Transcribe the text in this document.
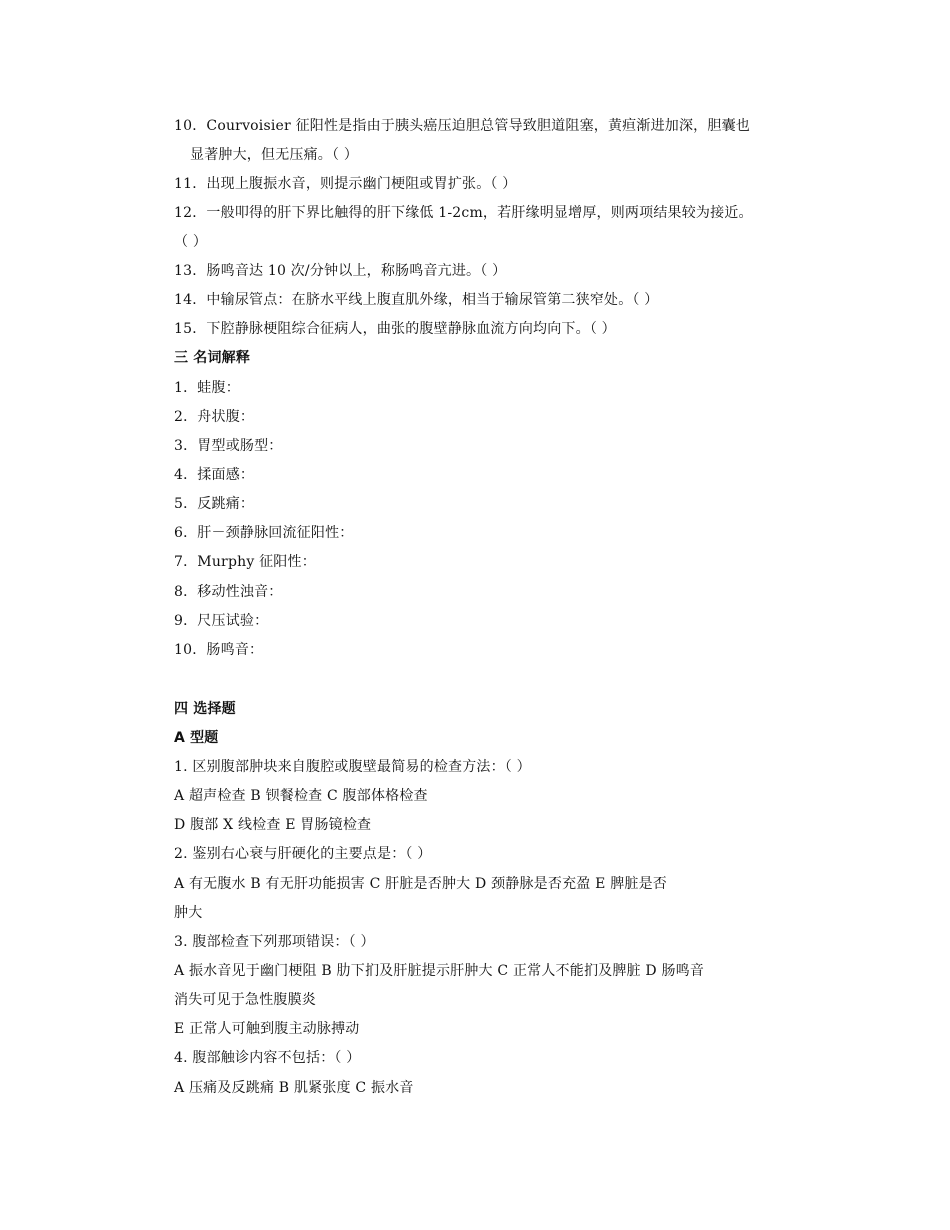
10．Courvoisier 征阳性是指由于胰头癌压迫胆总管导致胆道阻塞，黄疸渐进加深，胆囊也
显著肿大，但无压痛。（ ）
11．出现上腹振水音，则提示幽门梗阻或胃扩张。（ ）
12．一般叩得的肝下界比触得的肝下缘低 1-2cm，若肝缘明显增厚，则两项结果较为接近。
（ ）
13．肠鸣音达 10 次/分钟以上，称肠鸣音亢进。（ ）
14．中输尿管点：在脐水平线上腹直肌外缘，相当于输尿管第二狭窄处。（ ）
15．下腔静脉梗阻综合征病人，曲张的腹壁静脉血流方向均向下。（ ）
三 名词解释
1．蛙腹：
2．舟状腹：
3．胃型或肠型：
4．揉面感：
5．反跳痛：
6．肝－颈静脉回流征阳性：
7．Murphy 征阳性：
8．移动性浊音：
9．尺压试验：
10．肠鸣音：
四 选择题
A 型题
1. 区别腹部肿块来自腹腔或腹壁最简易的检查方法：（ ）
A 超声检查 B 钡餐检查 C 腹部体格检查
D 腹部 X 线检查 E 胃肠镜检查
2. 鉴别右心衰与肝硬化的主要点是：（ ）
A 有无腹水 B 有无肝功能损害 C 肝脏是否肿大 D 颈静脉是否充盈 E 脾脏是否
肿大
3. 腹部检查下列那项错误：（ ）
A 振水音见于幽门梗阻 B 肋下扪及肝脏提示肝肿大 C 正常人不能扪及脾脏 D 肠鸣音
消失可见于急性腹膜炎
E 正常人可触到腹主动脉搏动
4. 腹部触诊内容不包括：（ ）
A 压痛及反跳痛 B 肌紧张度 C 振水音
